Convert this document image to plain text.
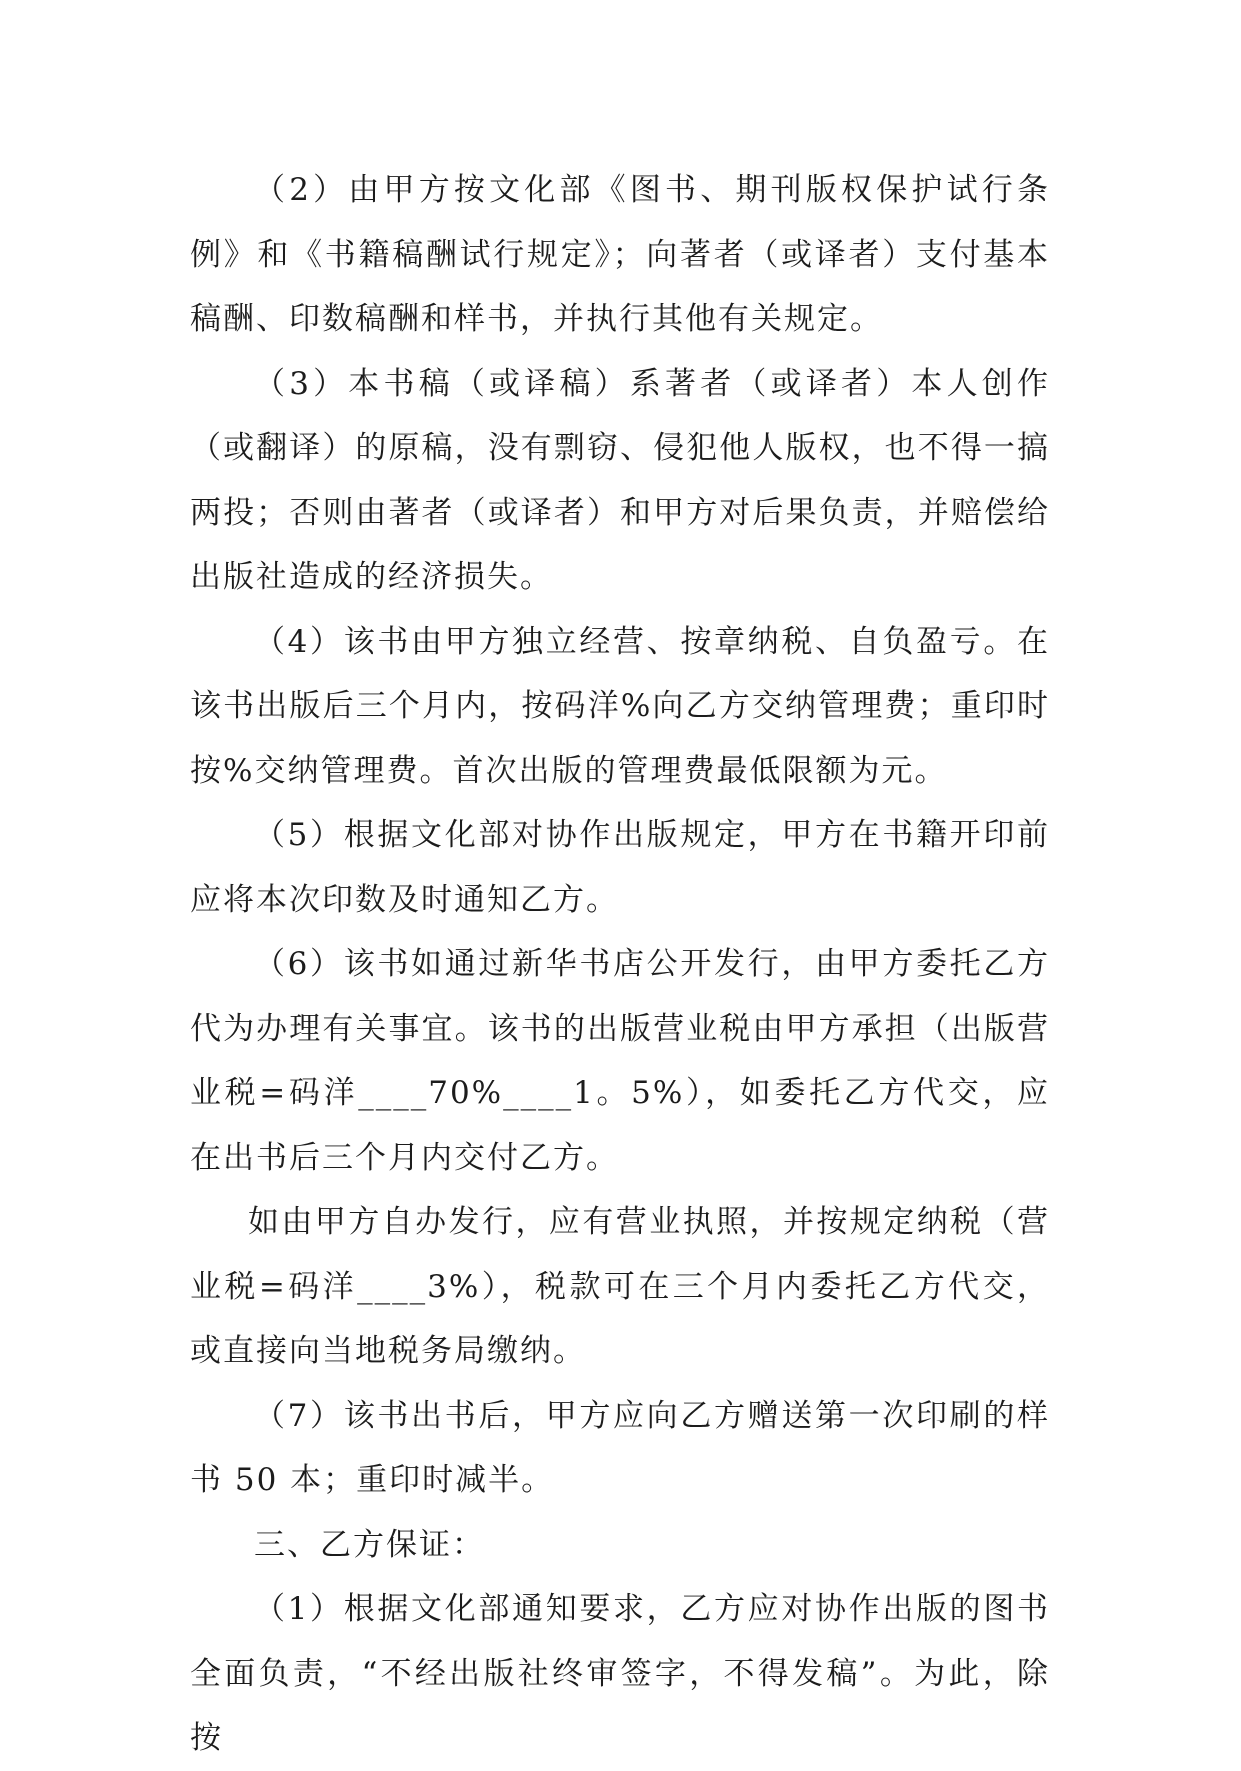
（2）由甲方按文化部《图书、期刊版权保护试行条例》和《书籍稿酬试行规定》；向著者（或译者）支付基本稿酬、印数稿酬和样书，并执行其他有关规定。

（3）本书稿（或译稿）系著者（或译者）本人创作（或翻译）的原稿，没有剽窃、侵犯他人版权，也不得一搞两投；否则由著者（或译者）和甲方对后果负责，并赔偿给出版社造成的经济损失。

（4）该书由甲方独立经营、按章纳税、自负盈亏。在该书出版后三个月内，按码洋%向乙方交纳管理费；重印时按%交纳管理费。首次出版的管理费最低限额为元。

（5）根据文化部对协作出版规定，甲方在书籍开印前应将本次印数及时通知乙方。

（6）该书如通过新华书店公开发行，由甲方委托乙方代为办理有关事宜。该书的出版营业税由甲方承担（出版营业税=码洋____70%____1。5%），如委托乙方代交，应在出书后三个月内交付乙方。

如由甲方自办发行，应有营业执照，并按规定纳税（营业税=码洋____3%），税款可在三个月内委托乙方代交，或直接向当地税务局缴纳。

（7）该书出书后，甲方应向乙方赠送第一次印刷的样书 50 本；重印时减半。

三、乙方保证：

（1）根据文化部通知要求，乙方应对协作出版的图书全面负责，“不经出版社终审签字，不得发稿”。为此，除按
